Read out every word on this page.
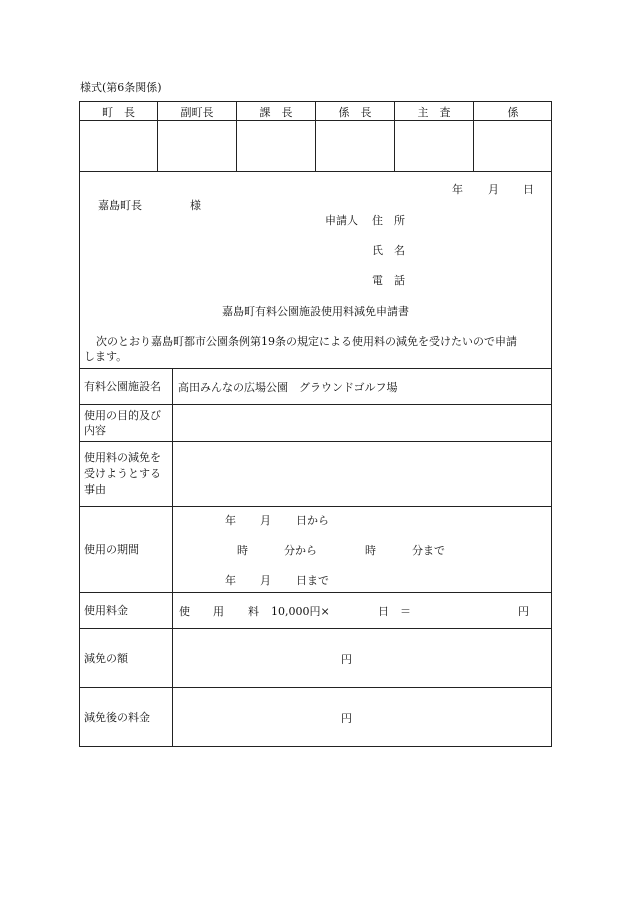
様式(第6条関係)
町　長	副町長	課　長	係　長	主　査	係
年 月 日
嘉島町長	様
申請人 住　所
氏　名
電　話
嘉島町有料公園施設使用料減免申請書
次のとおり嘉島町都市公園条例第19条の規定による使用料の減免を受けたいので申請
します。
有料公園施設名 高田みんなの広場公園　グラウンドゴルフ場
使用の目的及び
内容
使用料の減免を
受けようとする
事由
使用の期間
年 月 日から
時	分から	時	分まで
年 月 日まで
使用料金	使 用 料 10,000円×	日 ＝	円
減免の額	円
減免後の料金	円
